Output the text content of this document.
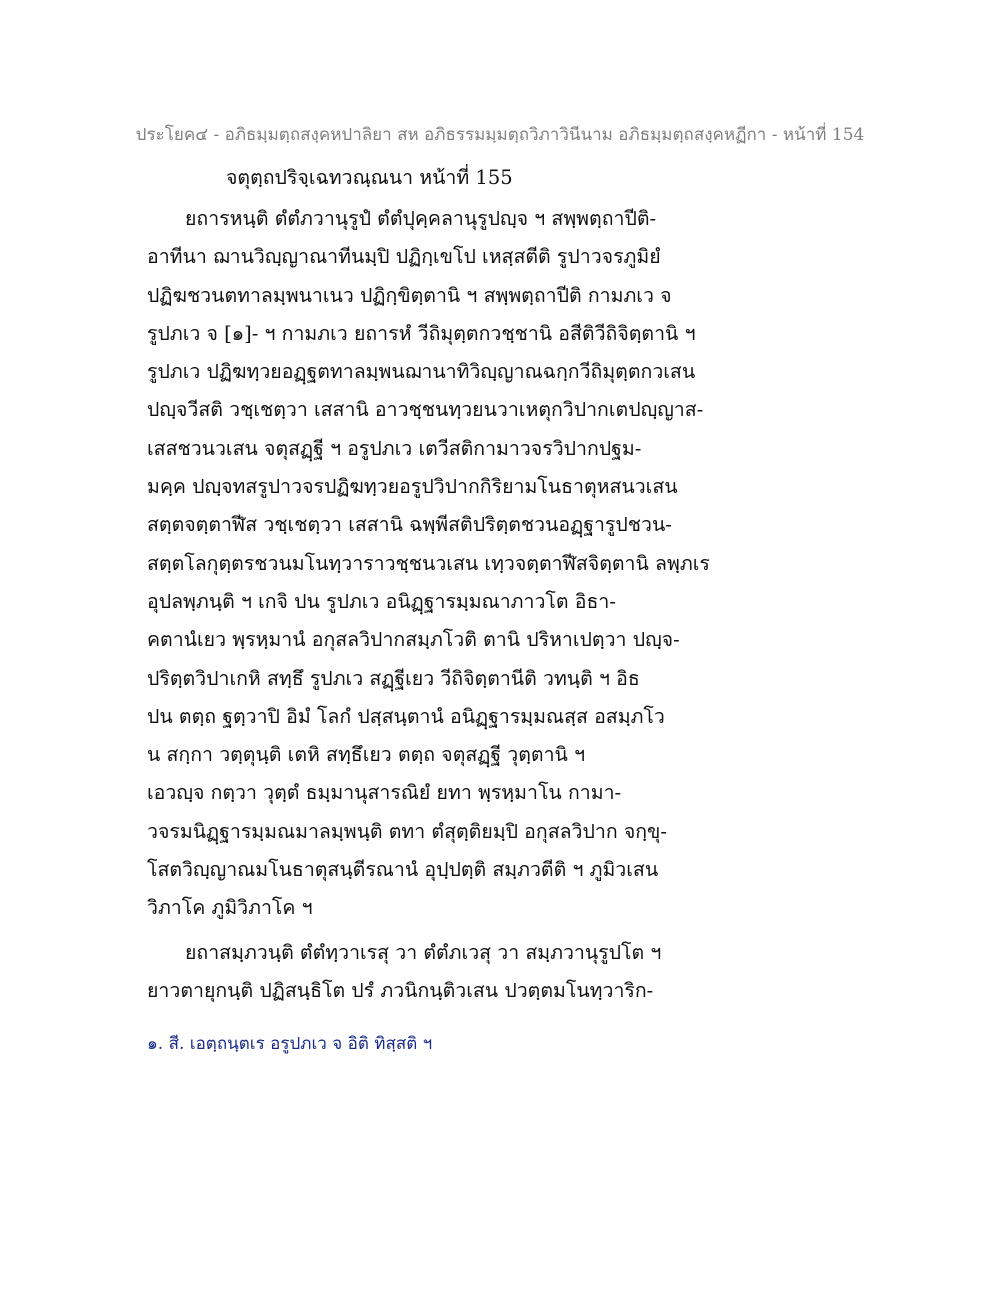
ประโยค๔ - อภิธมฺมตฺถสงฺคหปาลิยา สห อภิธรรมมฺมตฺถวิภาวินีนาม อภิธมฺมตฺถสงฺคหฏีกา - หน้าที่ 154
จตุตฺถปริจฺเฉทวณฺณนา หน้าที่ 155
ยถารหนฺติ ตํตํภวานุรูปํ ตํตํปุคฺคลานุรูปญฺจ ฯ สพฺพตฺถาปีติ-
อาทีนา ฌานวิญฺญาณาทีนมฺปิ ปฏิกฺเขโป เหสฺสตีติ รูปาวจรภูมิยํ
ปฏิฆชวนตทาลมฺพนาเนว ปฏิกฺขิตฺตานิ ฯ สพฺพตฺถาปีติ กามภเว จ
รูปภเว จ [๑]- ฯ กามภเว ยถารหํ วีถิมุตฺตกวชฺชานิ อสีติวีถิจิตฺตานิ ฯ
รูปภเว ปฏิฆทฺวยอฏฺฐตทาลมฺพนฌานาทิวิญฺญาณฉกฺกวีถิมุตฺตกวเสน
ปญฺจวีสติ วชฺเชตฺวา เสสานิ อาวชฺชนทฺวยนวาเหตุกวิปากเตปญฺญาส-
เสสชวนวเสน จตุสฏฺฐี ฯ อรูปภเว เตวีสติกามาวจรวิปากปฐม-
มคฺค ปญฺจทสรูปาวจรปฏิฆทฺวยอรูปวิปากกิริยามโนธาตุหสนวเสน
สตฺตจตฺตาฬีส วชฺเชตฺวา เสสานิ ฉพฺพีสติปริตฺตชวนอฏฺฐารูปชวน-
สตฺตโลกุตฺตรชวนมโนทฺวาราวชฺชนวเสน เทฺวจตฺตาฬีสจิตฺตานิ ลพฺภเร
อุปลพฺภนฺติ ฯ เกจิ ปน รูปภเว อนิฏฺฐารมฺมณาภาวโต อิธา-
คตานํเยว พฺรหฺมานํ อกุสลวิปากสมฺภโวติ ตานิ ปริหาเปตฺวา ปญฺจ-
ปริตฺตวิปาเกหิ สทฺธึ รูปภเว สฏฺฐีเยว วีถิจิตฺตานีติ วทนฺติ ฯ อิธ
ปน ตตฺถ ฐตฺวาปิ อิมํ โลกํ ปสฺสนฺตานํ อนิฏฺฐารมฺมณสฺส อสมฺภโว
น สกฺกา วตฺตุนฺติ เตหิ สทฺธึเยว ตตฺถ จตุสฏฺฐี วุตฺตานิ ฯ
เอวญฺจ กตฺวา วุตฺตํ ธมฺมานุสารณิยํ ยทา พฺรหฺมาโน กามา-
วจรมนิฏฺฐารมฺมณมาลมฺพนฺติ ตทา ตํสุตฺติยมฺปิ อกุสลวิปาก จกฺขุ-
โสตวิญฺญาณมโนธาตุสนฺตีรณานํ อุปฺปตฺติ สมฺภวตีติ ฯ ภูมิวเสน
วิภาโค ภูมิวิภาโค ฯ
ยถาสมฺภวนฺติ ตํตํทฺวาเรสุ วา ตํตํภเวสุ วา สมฺภวานุรูปโต ฯ
ยาวตายุกนฺติ ปฏิสนฺธิโต ปรํ ภวนิกนฺติวเสน ปวตฺตมโนทฺวาริก-
๑. สี. เอตฺถนฺตเร อรูปภเว จ อิติ ทิสฺสติ ฯ
